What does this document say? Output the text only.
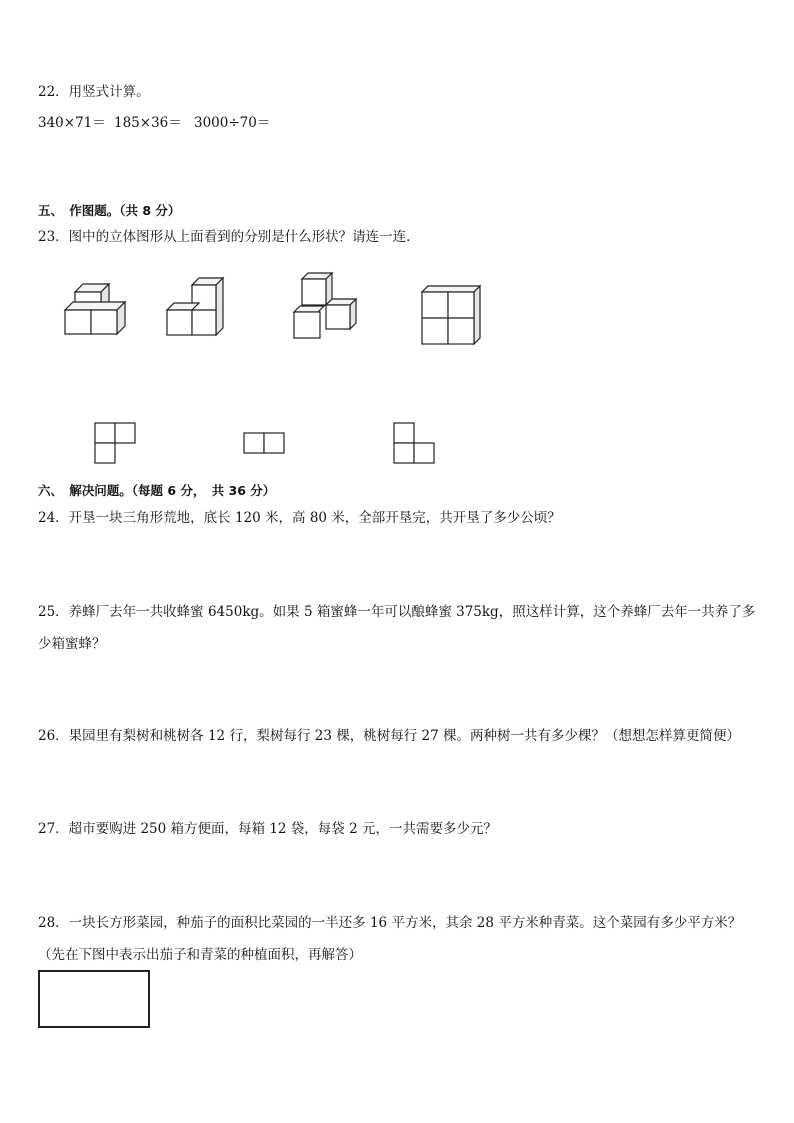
22．用竖式计算。
340×71＝ 185×36＝ 3000÷70＝
五、　作图题。（共 8 分）
23．图中的立体图形从上面看到的分别是什么形状？请连一连．
六、　解决问题。（每题 6 分，　共 36 分）
24．开垦一块三角形荒地，底长 120 米，高 80 米，全部开垦完，共开垦了多少公顷？
25．养蜂厂去年一共收蜂蜜 6450kg。如果 5 箱蜜蜂一年可以酿蜂蜜 375kg，照这样计算，这个养蜂厂去年一共养了多
少箱蜜蜂？
26．果园里有梨树和桃树各 12 行，梨树每行 23 棵，桃树每行 27 棵。两种树一共有多少棵？（想想怎样算更简便）
27．超市要购进 250 箱方便面，每箱 12 袋，每袋 2 元，一共需要多少元？
28．一块长方形菜园，种茄子的面积比菜园的一半还多 16 平方米，其余 28 平方米种青菜。这个菜园有多少平方米？
（先在下图中表示出茄子和青菜的种植面积，再解答）
